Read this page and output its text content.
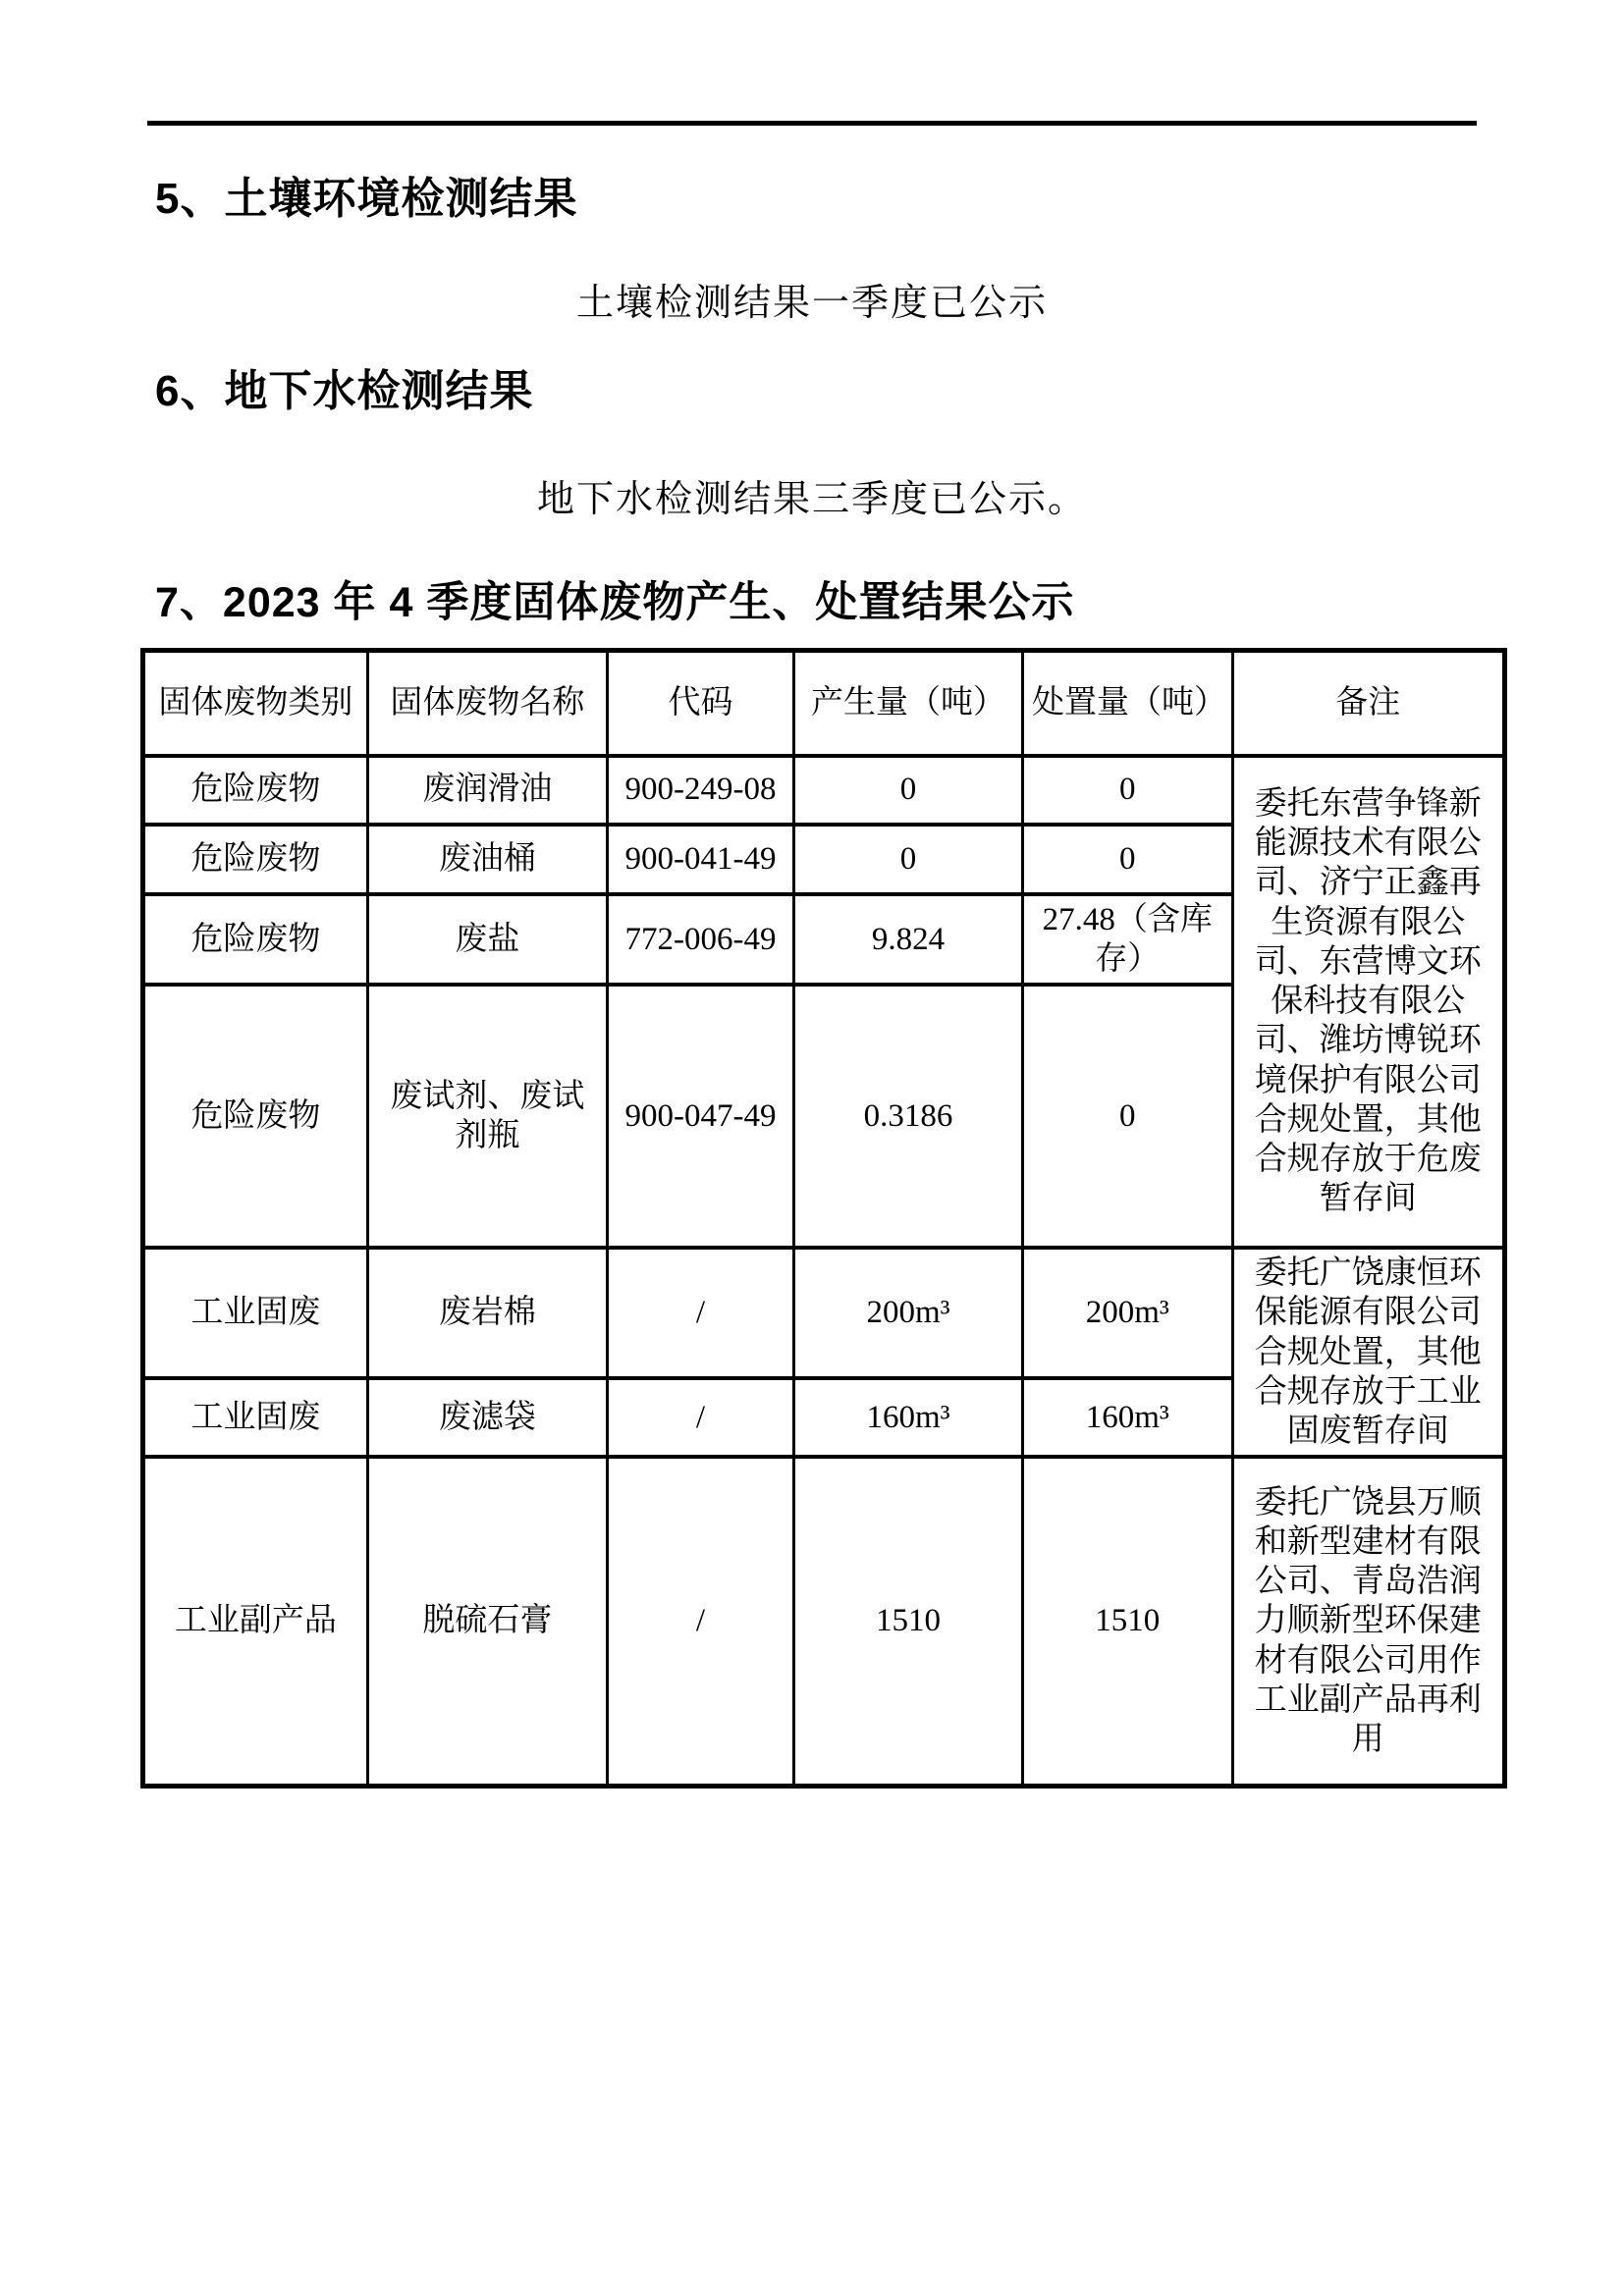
5、土壤环境检测结果

土壤检测结果一季度已公示

6、地下水检测结果

地下水检测结果三季度已公示。

7、2023 年 4 季度固体废物产生、处置结果公示

固体废物类别	固体废物名称	代码	产生量（吨）	处置量（吨）	备注
危险废物	废润滑油	900-249-08	0	0	委托东营争锋新能源技术有限公司、济宁正鑫再生资源有限公司、东营博文环保科技有限公司、潍坊博锐环境保护有限公司合规处置，其他合规存放于危废暂存间
危险废物	废油桶	900-041-49	0	0	
危险废物	废盐	772-006-49	9.824	27.48（含库存）	
危险废物	废试剂、废试剂瓶	900-047-49	0.3186	0	
工业固废	废岩棉	/	200m³	200m³	委托广饶康恒环保能源有限公司合规处置，其他合规存放于工业固废暂存间
工业固废	废滤袋	/	160m³	160m³	
工业副产品	脱硫石膏	/	1510	1510	委托广饶县万顺和新型建材有限公司、青岛浩润力顺新型环保建材有限公司用作工业副产品再利用
